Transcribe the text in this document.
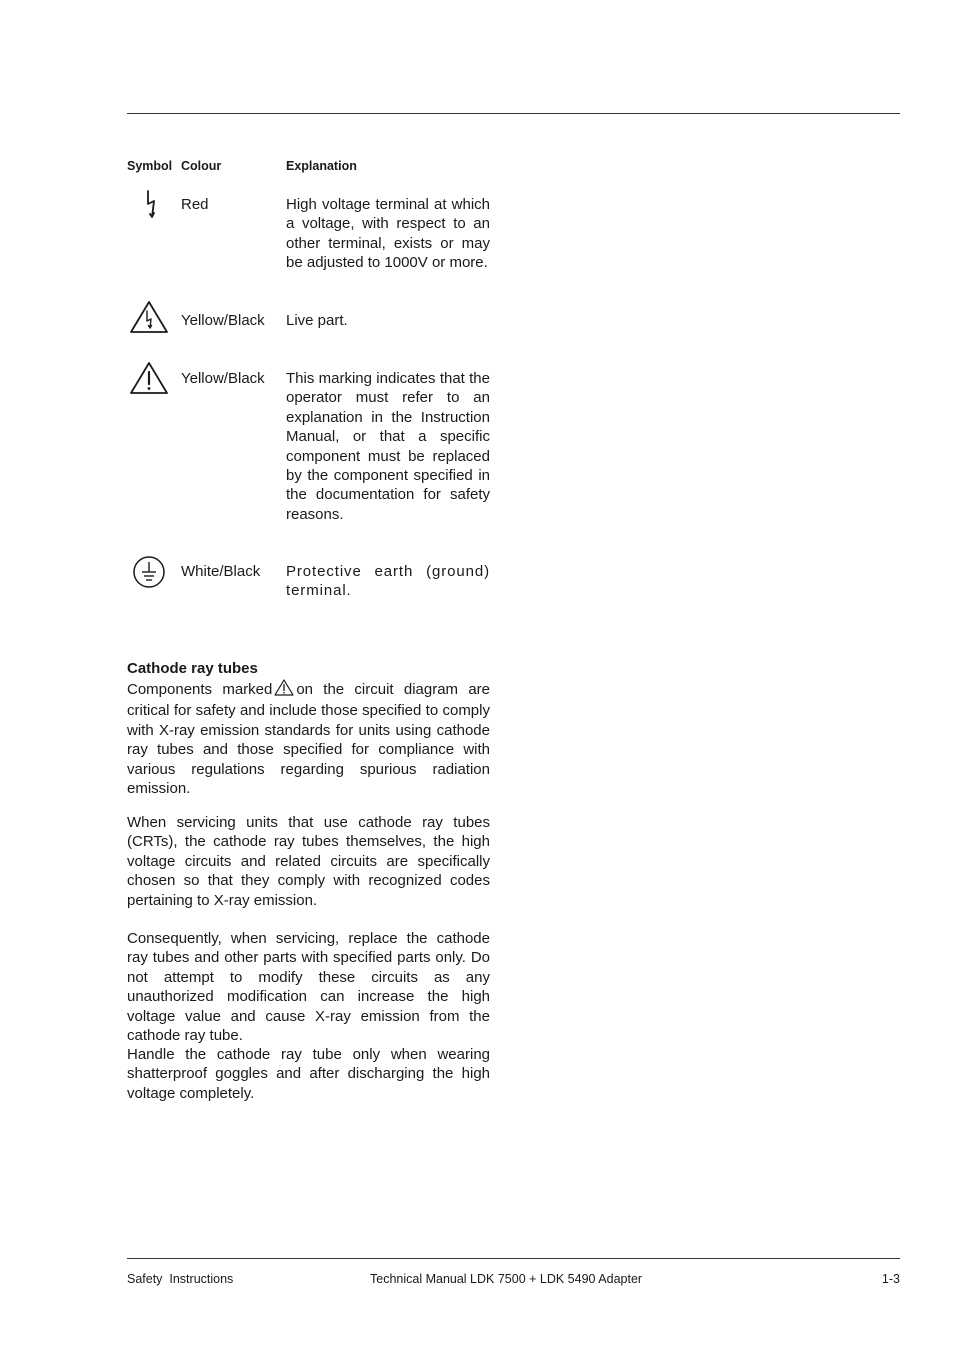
Symbol Colour	Explanation
Red	High voltage terminal at which a voltage, with respect to an other terminal, exists or may be adjusted to 1000V or more.
Yellow/Black Live part.
Yellow/Black This marking indicates that the operator must refer to an explanation in the Instruction Manual, or that a specific component must be replaced by the component specified in the documentation for safety reasons.
White/Black Protective earth (ground) terminal.
Cathode ray tubes
Components marked on the circuit diagram are critical for safety and include those specified to comply with X-ray emission standards for units using cathode ray tubes and those specified for compliance with various regulations regarding spurious radiation emission.
When servicing units that use cathode ray tubes (CRTs), the cathode ray tubes themselves, the high voltage circuits and related circuits are specifically chosen so that they comply with recognized codes pertaining to X-ray emission.
Consequently, when servicing, replace the cathode ray tubes and other parts with specified parts only. Do not attempt to modify these circuits as any unauthorized modification can increase the high voltage value and cause X-ray emission from the cathode ray tube.
Handle the cathode ray tube only when wearing shatterproof goggles and after discharging the high voltage completely.
Safety  Instructions	Technical Manual LDK 7500 + LDK 5490 Adapter	1-3
